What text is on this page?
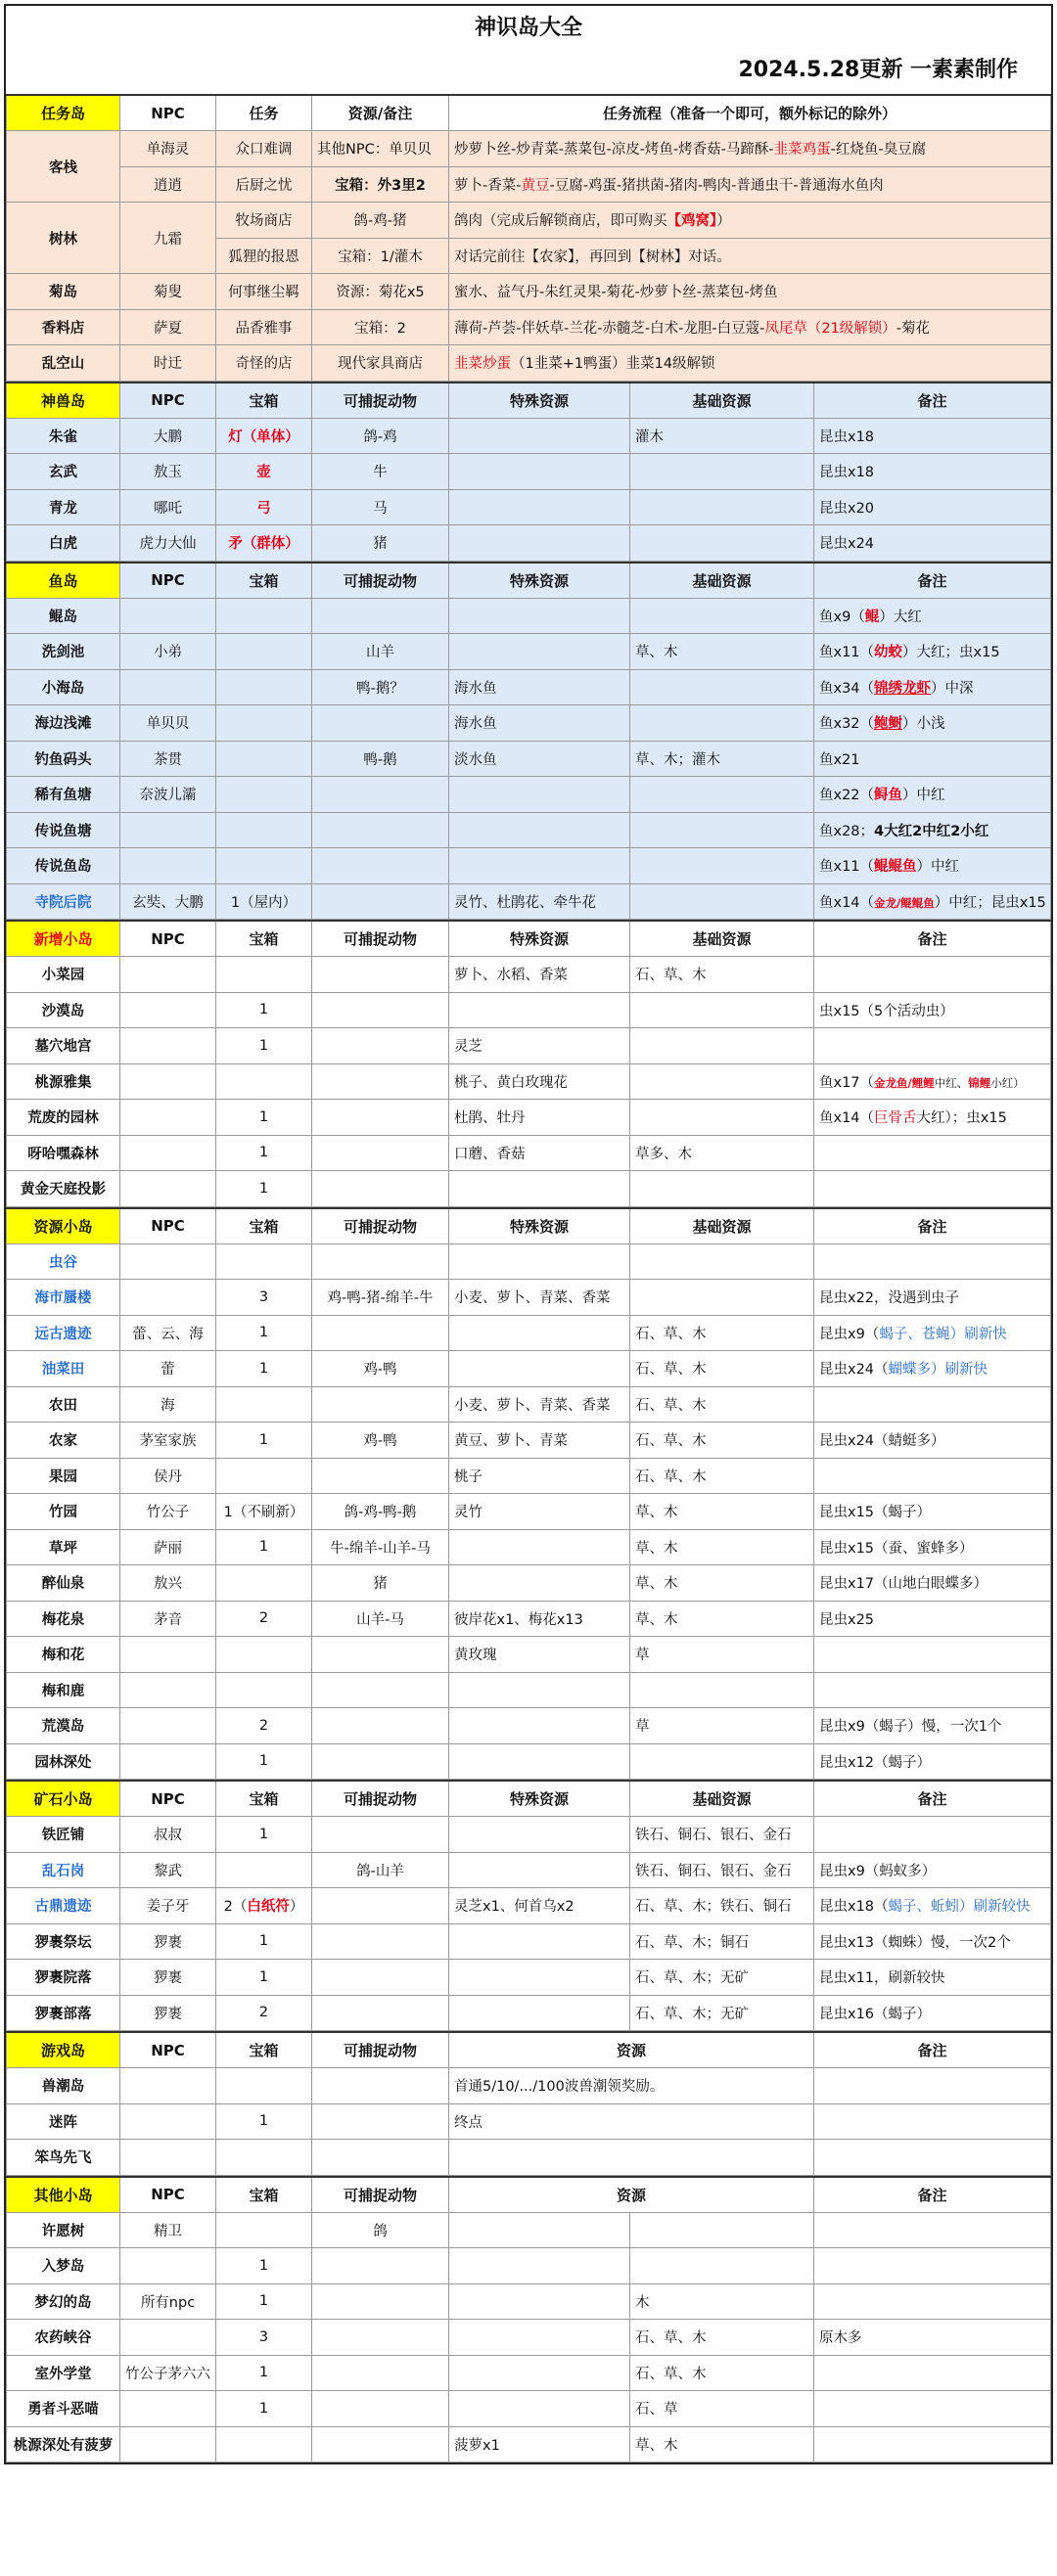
神识岛大全
2024.5.28更新 一素素制作
任务岛	NPC	任务	资源/备注	任务流程（准备一个即可，额外标记的除外）
客栈	单海灵	众口难调	其他NPC：单贝贝	炒萝卜丝-炒青菜-蒸菜包-凉皮-烤鱼-烤香菇-马蹄酥-韭菜鸡蛋-红烧鱼-臭豆腐
	逍逍	后厨之忧	宝箱：外3里2	萝卜-香菜-黄豆-豆腐-鸡蛋-猪拱菌-猪肉-鸭肉-普通虫干-普通海水鱼肉
树林	九霜	牧场商店	鸽-鸡-猪	鸽肉（完成后解锁商店，即可购买【鸡窝】）
		狐狸的报恩	宝箱：1/灌木	对话完前往【农家】，再回到【树林】对话。
菊岛	菊叟	何事继尘羁	资源：菊花x5	蜜水、益气丹-朱红灵果-菊花-炒萝卜丝-蒸菜包-烤鱼
香料店	萨夏	品香雅事	宝箱：2	薄荷-芦荟-伴妖草-兰花-赤髓芝-白术-龙胆-白豆蔻-凤尾草（21级解锁）-菊花
乱空山	时迁	奇怪的店	现代家具商店	韭菜炒蛋（1韭菜+1鸭蛋）韭菜14级解锁
神兽岛	NPC	宝箱	可捕捉动物	特殊资源	基础资源	备注
朱雀	大鹏	灯（单体）	鸽-鸡		灌木	昆虫x18
玄武	敖玉	壶	牛			昆虫x18
青龙	哪吒	弓	马			昆虫x20
白虎	虎力大仙	矛（群体）	猪			昆虫x24
鱼岛	NPC	宝箱	可捕捉动物	特殊资源	基础资源	备注
鲲岛						鱼x9（鲲）大红
洗剑池	小弟		山羊		草、木	鱼x11（幼蛟）大红；虫x15
小海岛			鸭-鹅？	海水鱼		鱼x34（锦绣龙虾）中深
海边浅滩	单贝贝			海水鱼		鱼x32（鲍鲥）小浅
钓鱼码头	茶贯		鸭-鹅	淡水鱼	草、木；灌木	鱼x21
稀有鱼塘	奈波儿灞					鱼x22（鲟鱼）中红
传说鱼塘						鱼x28；4大红2中红2小红
传说鱼岛						鱼x11（鲲鲲鱼）中红
寺院后院	玄奘、大鹏	1（屋内）		灵竹、杜鹃花、牵牛花		鱼x14（金龙/鲲鲲鱼）中红；昆虫x15
新增小岛	NPC	宝箱	可捕捉动物	特殊资源	基础资源	备注
小菜园				萝卜、水稻、香菜	石、草、木	
沙漠岛		1				虫x15（5个活动虫）
墓穴地宫		1		灵芝		
桃源雅集				桃子、黄白玫瑰花		鱼x17（金龙鱼/鲤鲤中红、锦鲤小红）
荒废的园林		1		杜鹃、牡丹		鱼x14（巨骨舌大红）；虫x15
呀哈嘿森林		1		口蘑、香菇	草多、木	
黄金天庭投影		1				
资源小岛	NPC	宝箱	可捕捉动物	特殊资源	基础资源	备注
虫谷						
海市蜃楼		3	鸡-鸭-猪-绵羊-牛	小麦、萝卜、青菜、香菜		昆虫x22，没遇到虫子
远古遗迹	蕾、云、海	1			石、草、木	昆虫x9（蝎子、苍蝇）刷新快
油菜田	蕾	1	鸡-鸭		石、草、木	昆虫x24（蝴蝶多）刷新快
农田	海			小麦、萝卜、青菜、香菜	石、草、木	
农家	茅室家族	1	鸡-鸭	黄豆、萝卜、青菜	石、草、木	昆虫x24（蜻蜓多）
果园	侯丹			桃子	石、草、木	
竹园	竹公子	1（不刷新）	鸽-鸡-鸭-鹅	灵竹	草、木	昆虫x15（蝎子）
草坪	萨丽	1	牛-绵羊-山羊-马		草、木	昆虫x15（蚕、蜜蜂多）
醉仙泉	敖兴		猪		草、木	昆虫x17（山地白眼蝶多）
梅花泉	茅音	2	山羊-马	彼岸花x1、梅花x13	草、木	昆虫x25
梅和花				黄玫瑰	草	
梅和鹿						
荒漠岛		2			草	昆虫x9（蝎子）慢，一次1个
园林深处		1				昆虫x12（蝎子）
矿石小岛	NPC	宝箱	可捕捉动物	特殊资源	基础资源	备注
铁匠铺	叔叔	1			铁石、铜石、银石、金石	
乱石岗	黎武		鸽-山羊		铁石、铜石、银石、金石	昆虫x9（蚂蚁多）
古鼎遗迹	姜子牙	2（白纸符）		灵芝x1、何首乌x2	石、草、木；铁石、铜石	昆虫x18（蝎子、蚯蚓）刷新较快
猡裹祭坛	猡裹	1			石、草、木；铜石	昆虫x13（蜘蛛）慢，一次2个
猡裹院落	猡裹	1			石、草、木；无矿	昆虫x11，刷新较快
猡裹部落	猡裹	2			石、草、木；无矿	昆虫x16（蝎子）
游戏岛	NPC	宝箱	可捕捉动物	资源	备注
兽潮岛				首通5/10/.../100波兽潮领奖励。	
迷阵		1		终点	
笨鸟先飞					
其他小岛	NPC	宝箱	可捕捉动物	资源		备注
许愿树	精卫		鸽			
入梦岛		1				
梦幻的岛	所有npc	1			木	
农药峡谷		3			石、草、木	原木多
室外学堂	竹公子茅六六	1			石、草、木	
勇者斗恶喵		1			石、草	
桃源深处有菠萝				菠萝x1	草、木	
